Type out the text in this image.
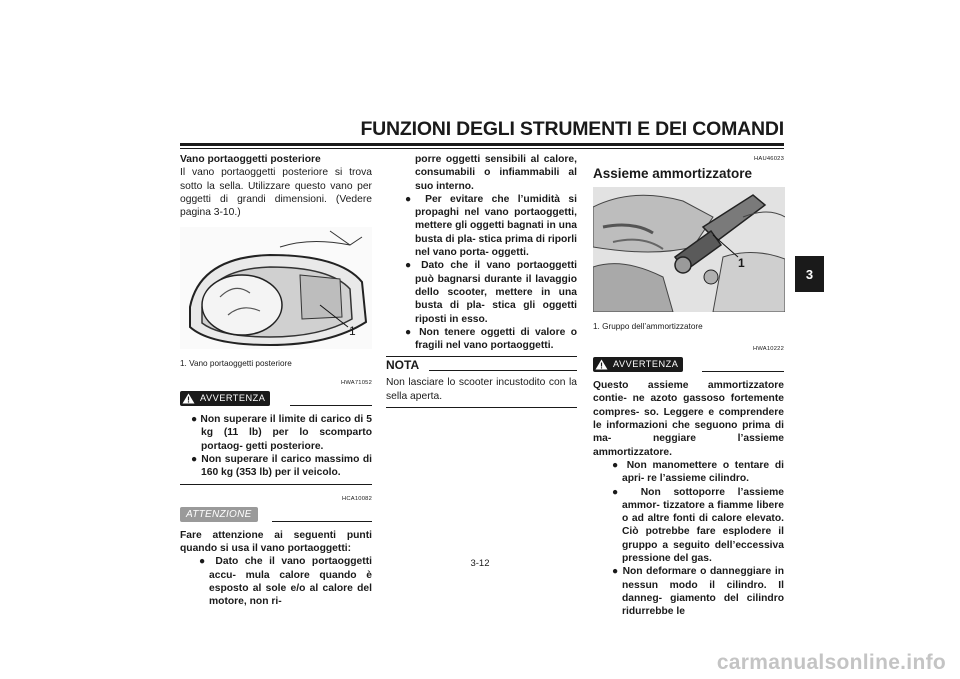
FUNZIONI DEGLI STRUMENTI E DEI COMANDI
3
Vano portaoggetti posteriore
Il vano portaoggetti posteriore si trova sotto la sella. Utilizzare questo vano per oggetti di grandi dimensioni. (Vedere pagina 3-10.)
1
1. Vano portaoggetti posteriore
HWA71052
AVVERTENZA
● Non superare il limite di carico di 5 kg (11 lb) per lo scomparto portaog- getti posteriore.
● Non superare il carico massimo di 160 kg (353 lb) per il veicolo.
HCA10082
ATTENZIONE
Fare attenzione ai seguenti punti quando si usa il vano portaoggetti:
● Dato che il vano portaoggetti accu- mula calore quando è esposto al sole e/o al calore del motore, non ri-
porre oggetti sensibili al calore, consumabili o infiammabili al suo interno.
● Per evitare che l’umidità si propaghi nel vano portaoggetti, mettere gli oggetti bagnati in una busta di pla- stica prima di riporli nel vano porta- oggetti.
● Dato che il vano portaoggetti può bagnarsi durante il lavaggio dello scooter, mettere in una busta di pla- stica gli oggetti riposti in esso.
● Non tenere oggetti di valore o fragili nel vano portaoggetti.
NOTA
Non lasciare lo scooter incustodito con la sella aperta.
HAU46023
Assieme ammortizzatore
1
1. Gruppo dell’ammortizzatore
HWA10222
AVVERTENZA
Questo assieme ammortizzatore contie- ne azoto gassoso fortemente compres- so. Leggere e comprendere le informazioni che seguono prima di ma- neggiare l’assieme ammortizzatore.
● Non manomettere o tentare di apri- re l’assieme cilindro.
● Non sottoporre l’assieme ammor- tizzatore a fiamme libere o ad altre fonti di calore elevato. Ciò potrebbe fare esplodere il gruppo a seguito dell’eccessiva pressione del gas.
● Non deformare o danneggiare in nessun modo il cilindro. Il danneg- giamento del cilindro ridurrebbe le
3-12
carmanualsonline.info
